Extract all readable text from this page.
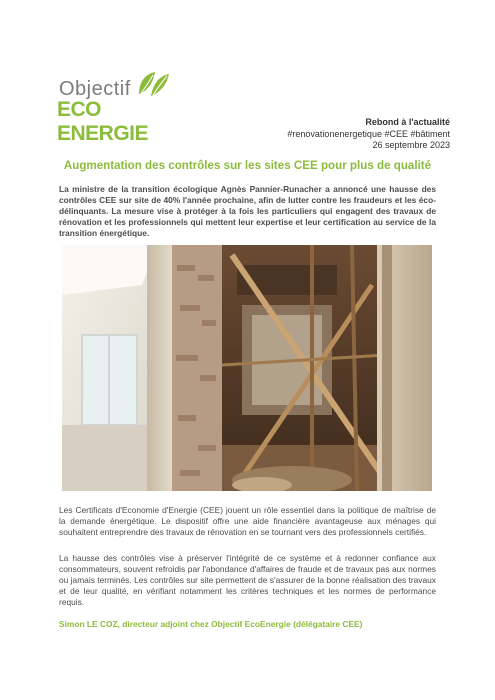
Objectif
ECO ENERGIE	Rebond à l'actualité
#renovationenergetique #CEE #bâtiment
26 septembre 2023
Augmentation des contrôles sur les sites CEE pour plus de qualité
La ministre de la transition écologique Agnès Pannier-Runacher a annoncé une hausse des contrôles CEE sur site de 40% l'année prochaine, afin de lutter contre les fraudeurs et les éco-délinquants. La mesure vise à protéger à la fois les particuliers qui engagent des travaux de rénovation et les professionnels qui mettent leur expertise et leur certification au service de la transition énergétique.
Les Certificats d'Economie d'Energie (CEE) jouent un rôle essentiel dans la politique de maîtrise de la demande énergétique. Le dispositif offre une aide financière avantageuse aux ménages qui souhaitent entreprendre des travaux de rénovation en se tournant vers des professionnels certifiés.
La hausse des contrôles vise à préserver l'intégrité de ce système et à redonner confiance aux consommateurs, souvent refroidis par l'abondance d'affaires de fraude et de travaux pas aux normes ou jamais terminés. Les contrôles sur site permettent de s'assurer de la bonne réalisation des travaux et de leur qualité, en vérifiant notamment les critères techniques et les normes de performance requis.
Simon LE COZ, directeur adjoint chez Objectif EcoEnergie (délégataire CEE)
